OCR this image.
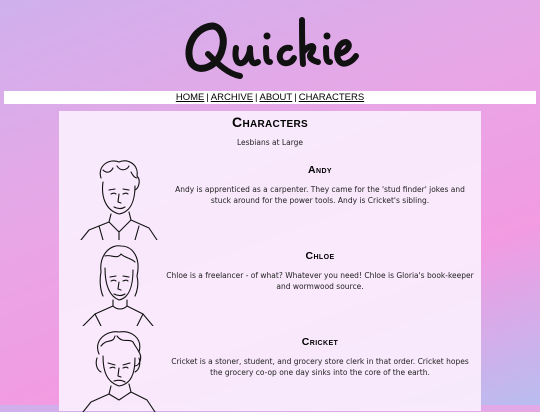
HOME | ARCHIVE | ABOUT | CHARACTERS
Characters
Lesbians at Large
Andy
Andy is apprenticed as a carpenter. They came for the 'stud finder' jokes and stuck around for the power tools. Andy is Cricket's sibling.
Chloe
Chloe is a freelancer - of what? Whatever you need! Chloe is Gloria's book-keeper and wormwood source.
Cricket
Cricket is a stoner, student, and grocery store clerk in that order. Cricket hopes the grocery co-op one day sinks into the core of the earth.
